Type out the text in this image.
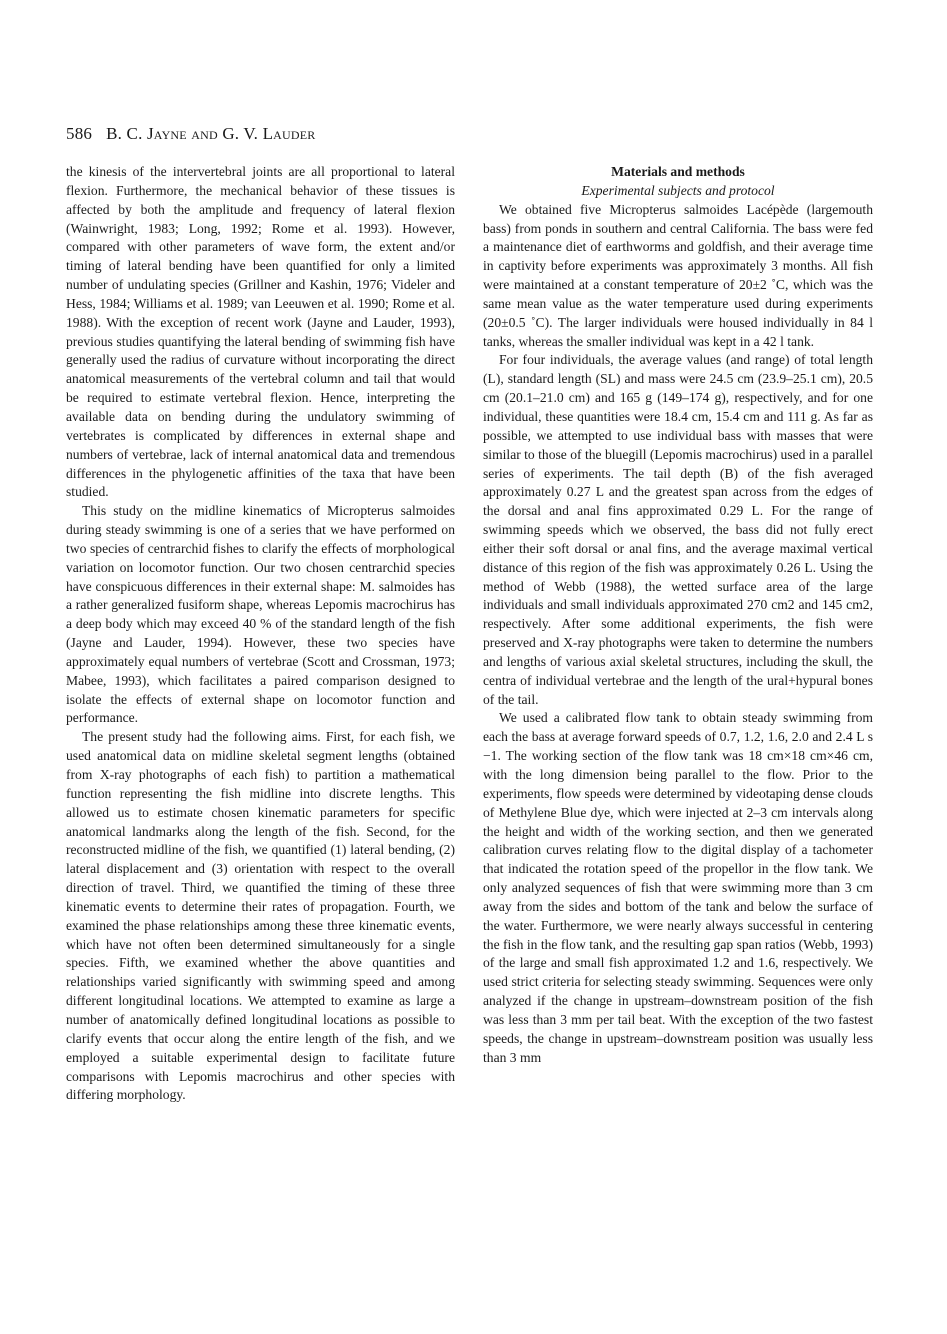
586 B. C. Jayne and G. V. Lauder

the kinesis of the intervertebral joints are all proportional to lateral flexion. Furthermore, the mechanical behavior of these tissues is affected by both the amplitude and frequency of lateral flexion (Wainwright, 1983; Long, 1992; Rome et al. 1993). However, compared with other parameters of wave form, the extent and/or timing of lateral bending have been quantified for only a limited number of undulating species (Grillner and Kashin, 1976; Videler and Hess, 1984; Williams et al. 1989; van Leeuwen et al. 1990; Rome et al. 1988). With the exception of recent work (Jayne and Lauder, 1993), previous studies quantifying the lateral bending of swimming fish have generally used the radius of curvature without incorporating the direct anatomical measurements of the vertebral column and tail that would be required to estimate vertebral flexion. Hence, interpreting the available data on bending during the undulatory swimming of vertebrates is complicated by differences in external shape and numbers of vertebrae, lack of internal anatomical data and tremendous differences in the phylogenetic affinities of the taxa that have been studied.

This study on the midline kinematics of Micropterus salmoides during steady swimming is one of a series that we have performed on two species of centrarchid fishes to clarify the effects of morphological variation on locomotor function. Our two chosen centrarchid species have conspicuous differences in their external shape: M. salmoides has a rather generalized fusiform shape, whereas Lepomis macrochirus has a deep body which may exceed 40 % of the standard length of the fish (Jayne and Lauder, 1994). However, these two species have approximately equal numbers of vertebrae (Scott and Crossman, 1973; Mabee, 1993), which facilitates a paired comparison designed to isolate the effects of external shape on locomotor function and performance.

The present study had the following aims. First, for each fish, we used anatomical data on midline skeletal segment lengths (obtained from X-ray photographs of each fish) to partition a mathematical function representing the fish midline into discrete lengths. This allowed us to estimate chosen kinematic parameters for specific anatomical landmarks along the length of the fish. Second, for the reconstructed midline of the fish, we quantified (1) lateral bending, (2) lateral displacement and (3) orientation with respect to the overall direction of travel. Third, we quantified the timing of these three kinematic events to determine their rates of propagation. Fourth, we examined the phase relationships among these three kinematic events, which have not often been determined simultaneously for a single species. Fifth, we examined whether the above quantities and relationships varied significantly with swimming speed and among different longitudinal locations. We attempted to examine as large a number of anatomically defined longitudinal locations as possible to clarify events that occur along the entire length of the fish, and we employed a suitable experimental design to facilitate future comparisons with Lepomis macrochirus and other species with differing morphology.

Materials and methods

Experimental subjects and protocol

We obtained five Micropterus salmoides Lacépède (largemouth bass) from ponds in southern and central California. The bass were fed a maintenance diet of earthworms and goldfish, and their average time in captivity before experiments was approximately 3 months. All fish were maintained at a constant temperature of 20±2 ˚C, which was the same mean value as the water temperature used during experiments (20±0.5 ˚C). The larger individuals were housed individually in 84 l tanks, whereas the smaller individual was kept in a 42 l tank.

For four individuals, the average values (and range) of total length (L), standard length (SL) and mass were 24.5 cm (23.9–25.1 cm), 20.5 cm (20.1–21.0 cm) and 165 g (149–174 g), respectively, and for one individual, these quantities were 18.4 cm, 15.4 cm and 111 g. As far as possible, we attempted to use individual bass with masses that were similar to those of the bluegill (Lepomis macrochirus) used in a parallel series of experiments. The tail depth (B) of the fish averaged approximately 0.27 L and the greatest span across from the edges of the dorsal and anal fins approximated 0.29 L. For the range of swimming speeds which we observed, the bass did not fully erect either their soft dorsal or anal fins, and the average maximal vertical distance of this region of the fish was approximately 0.26 L. Using the method of Webb (1988), the wetted surface area of the large individuals and small individuals approximated 270 cm2 and 145 cm2, respectively. After some additional experiments, the fish were preserved and X-ray photographs were taken to determine the numbers and lengths of various axial skeletal structures, including the skull, the centra of individual vertebrae and the length of the ural+hypural bones of the tail.

We used a calibrated flow tank to obtain steady swimming from each the bass at average forward speeds of 0.7, 1.2, 1.6, 2.0 and 2.4 L s −1. The working section of the flow tank was 18 cm×18 cm×46 cm, with the long dimension being parallel to the flow. Prior to the experiments, flow speeds were determined by videotaping dense clouds of Methylene Blue dye, which were injected at 2–3 cm intervals along the height and width of the working section, and then we generated calibration curves relating flow to the digital display of a tachometer that indicated the rotation speed of the propellor in the flow tank. We only analyzed sequences of fish that were swimming more than 3 cm away from the sides and bottom of the tank and below the surface of the water. Furthermore, we were nearly always successful in centering the fish in the flow tank, and the resulting gap span ratios (Webb, 1993) of the large and small fish approximated 1.2 and 1.6, respectively. We used strict criteria for selecting steady swimming. Sequences were only analyzed if the change in upstream–downstream position of the fish was less than 3 mm per tail beat. With the exception of the two fastest speeds, the change in upstream–downstream position was usually less than 3 mm
